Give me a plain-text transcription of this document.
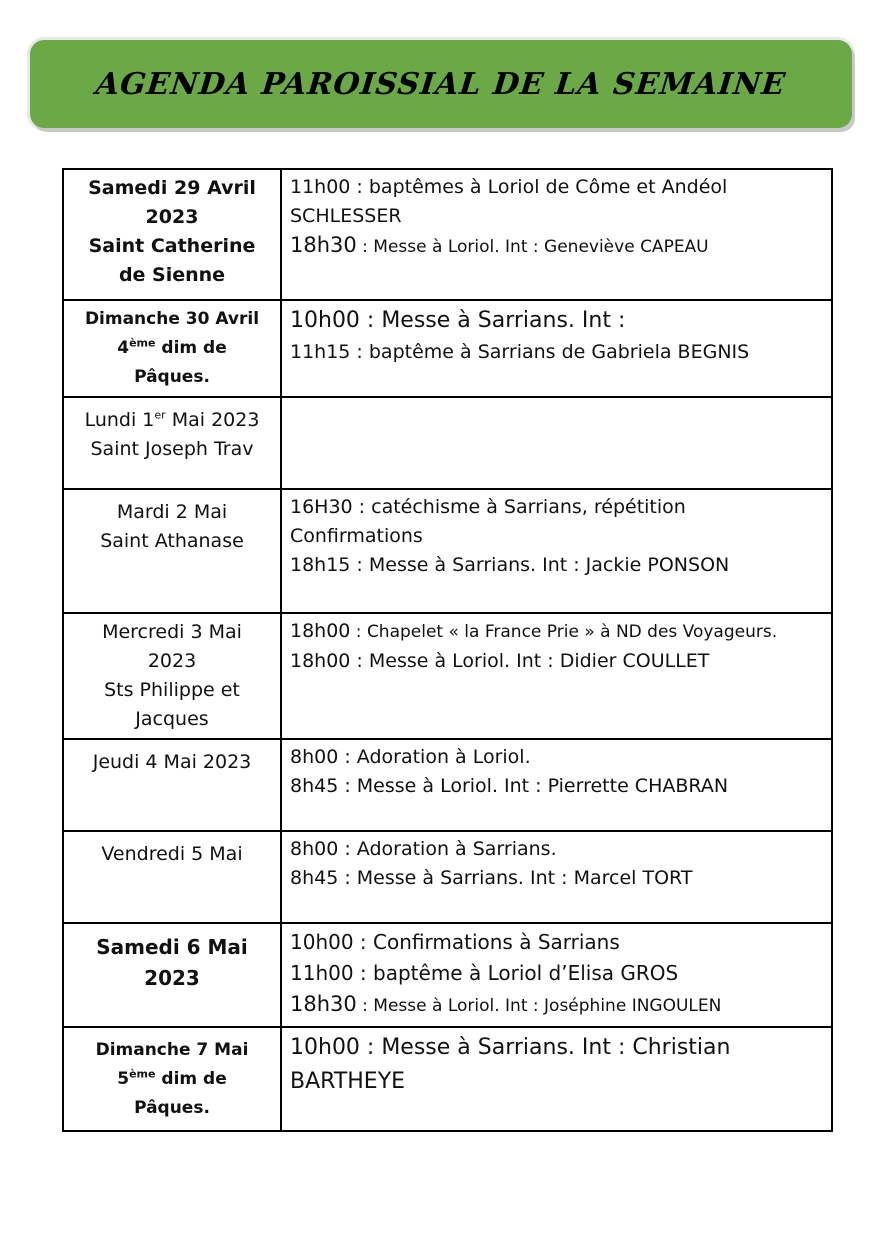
AGENDA PAROISSIAL DE LA SEMAINE
Samedi 29 Avril
2023
Saint Catherine
de Sienne	11h00 : baptêmes à Loriol de Côme et Andéol SCHLESSER
18h30 : Messe à Loriol. Int : Geneviève CAPEAU

Dimanche 30 Avril
4ème dim de
Pâques.	10h00 : Messe à Sarrians. Int :
11h15 : baptême à Sarrians de Gabriela BEGNIS

Lundi 1er Mai 2023
Saint Joseph Trav	

Mardi 2 Mai
Saint Athanase	16H30 : catéchisme à Sarrians, répétition Confirmations
18h15 : Messe à Sarrians. Int : Jackie PONSON

Mercredi 3 Mai
2023
Sts Philippe et
Jacques	18h00 : Chapelet « la France Prie » à ND des Voyageurs.
18h00 : Messe à Loriol. Int : Didier COULLET

Jeudi 4 Mai 2023	8h00 : Adoration à Loriol.
8h45 : Messe à Loriol. Int : Pierrette CHABRAN

Vendredi 5 Mai	8h00 : Adoration à Sarrians.
8h45 : Messe à Sarrians. Int : Marcel TORT

Samedi 6 Mai
2023	10h00 : Confirmations à Sarrians
11h00 : baptême à Loriol d’Elisa GROS
18h30 : Messe à Loriol. Int : Joséphine INGOULEN

Dimanche 7 Mai
5ème dim de
Pâques.	10h00 : Messe à Sarrians. Int : Christian BARTHEYE
